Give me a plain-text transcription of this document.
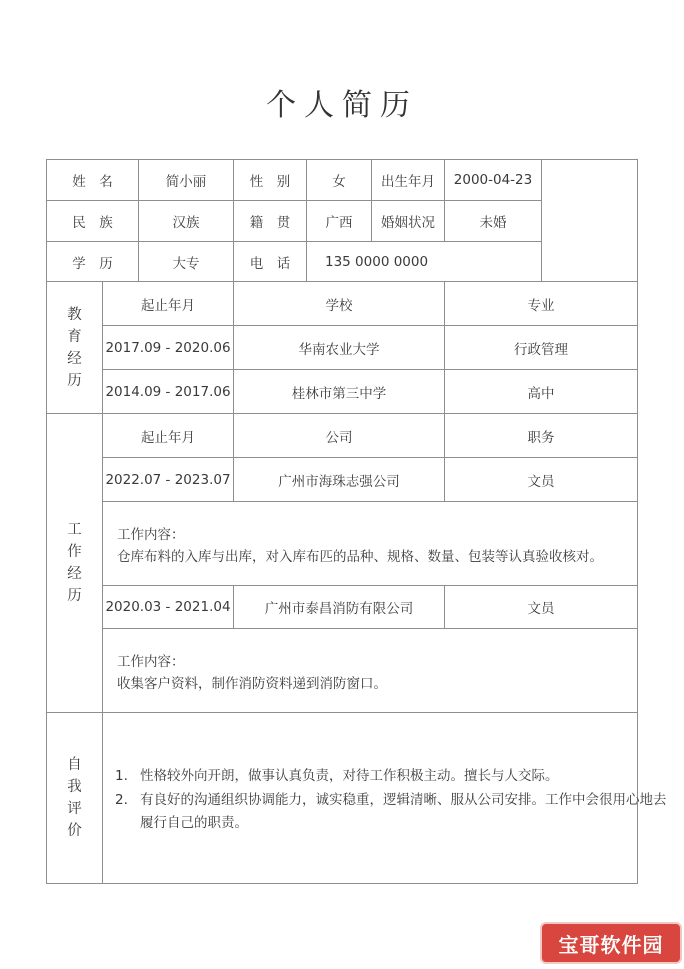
个人简历
姓　名	简小丽	性　别	女	出生年月	2000-04-23
民　族	汉族	籍　贯	广西	婚姻状况	未婚
学　历	大专	电　话	135 0000 0000
教
育
经
历
起止年月	学校	专业
2017.09 - 2020.06	华南农业大学	行政管理
2014.09 - 2017.06	桂林市第三中学	高中
工
作
经
历
起止年月	公司	职务
2022.07 - 2023.07	广州市海珠志强公司	文员
工作内容：
仓库布料的入库与出库，对入库布匹的品种、规格、数量、包装等认真验收核对。
2020.03 - 2021.04	广州市泰昌消防有限公司	文员
工作内容：
收集客户资料，制作消防资料递到消防窗口。
自
我
评
价
1. 性格较外向开朗，做事认真负责，对待工作积极主动。擅长与人交际。
2. 有良好的沟通组织协调能力，诚实稳重，逻辑清晰、服从公司安排。工作中会很用心地去
履行自己的职责。
宝哥软件园
